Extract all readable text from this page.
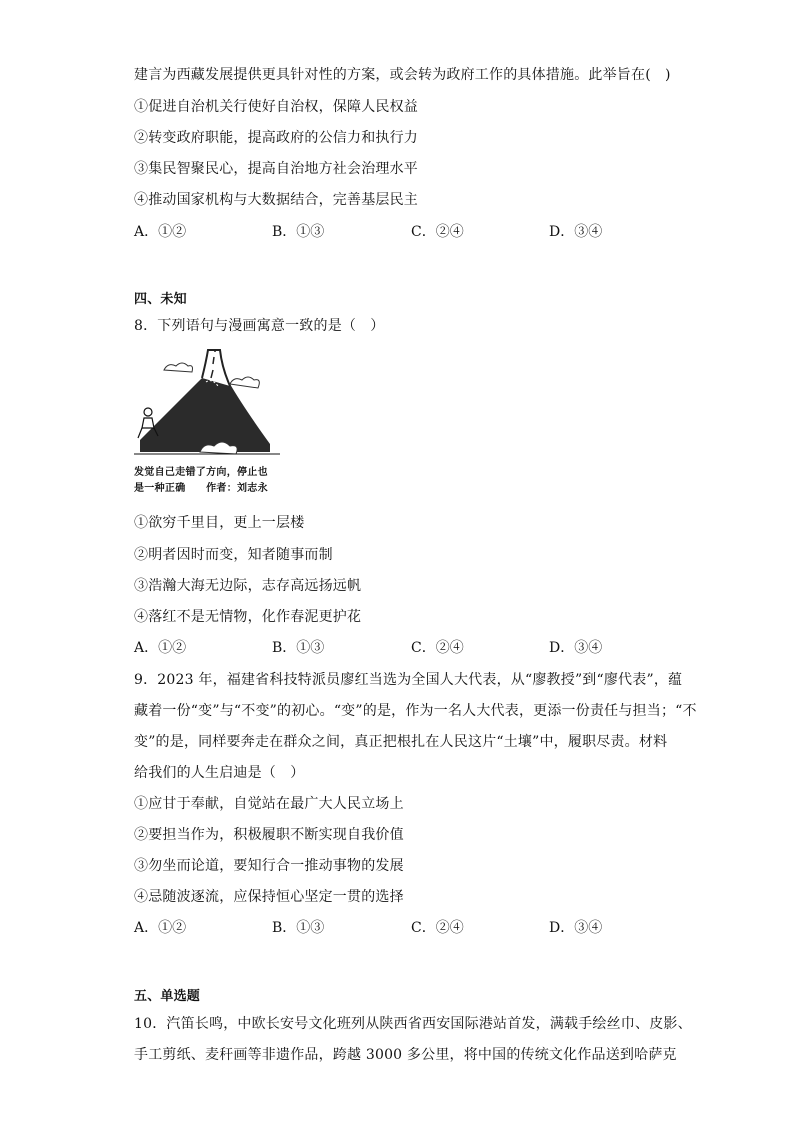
建言为西藏发展提供更具针对性的方案，或会转为政府工作的具体措施。此举旨在(　)
①促进自治机关行使好自治权，保障人民权益
②转变政府职能，提高政府的公信力和执行力
③集民智聚民心，提高自治地方社会治理水平
④推动国家机构与大数据结合，完善基层民主
A．①②	B．①③	C．②④	D．③④
四、未知
8．下列语句与漫画寓意一致的是（　）
发觉自己走错了方向，停止也
是一种正确　　作者：刘志永
①欲穷千里目，更上一层楼
②明者因时而变，知者随事而制
③浩瀚大海无边际，志存高远扬远帆
④落红不是无情物，化作春泥更护花
A．①②	B．①③	C．②④	D．③④
9．2023 年，福建省科技特派员廖红当选为全国人大代表，从“廖教授”到“廖代表”，蕴
藏着一份“变”与“不变”的初心。“变”的是，作为一名人大代表，更添一份责任与担当；“不
变”的是，同样要奔走在群众之间，真正把根扎在人民这片“土壤”中，履职尽责。材料
给我们的人生启迪是（　）
①应甘于奉献，自觉站在最广大人民立场上
②要担当作为，积极履职不断实现自我价值
③勿坐而论道，要知行合一推动事物的发展
④忌随波逐流，应保持恒心坚定一贯的选择
A．①②	B．①③	C．②④	D．③④
五、单选题
10．汽笛长鸣，中欧长安号文化班列从陕西省西安国际港站首发，满载手绘丝巾、皮影、
手工剪纸、麦秆画等非遗作品，跨越 3000 多公里，将中国的传统文化作品送到哈萨克
